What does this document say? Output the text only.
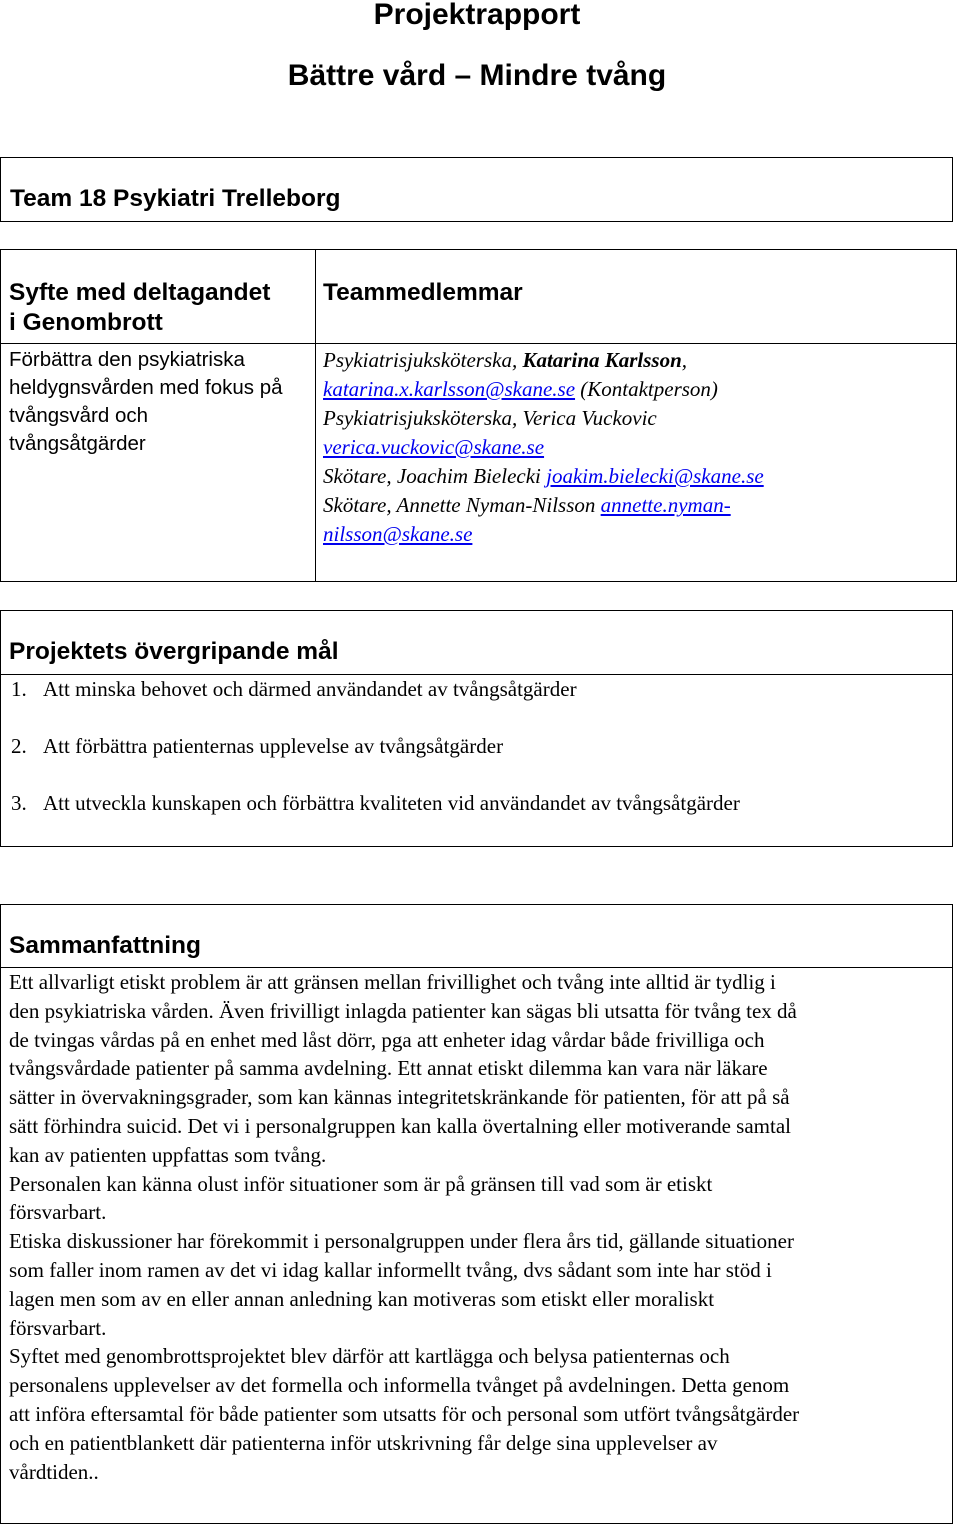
Projektrapport
Bättre vård – Mindre tvång
Team 18 Psykiatri Trelleborg
Syfte med deltagandet
i Genombrott
Förbättra den psykiatriska
heldygnsvården med fokus på
tvångsvård och
tvångsåtgärder
Teammedlemmar
Psykiatrisjuksköterska, Katarina Karlsson,
katarina.x.karlsson@skane.se (Kontaktperson)
Psykiatrisjuksköterska, Verica Vuckovic
verica.vuckovic@skane.se
Skötare, Joachim Bielecki joakim.bielecki@skane.se
Skötare, Annette Nyman-Nilsson annette.nyman-
nilsson@skane.se
Projektets övergripande mål
1. Att minska behovet och därmed användandet av tvångsåtgärder
2. Att förbättra patienternas upplevelse av tvångsåtgärder
3. Att utveckla kunskapen och förbättra kvaliteten vid användandet av tvångsåtgärder
Sammanfattning

Ett allvarligt etiskt problem är att gränsen mellan frivillighet och tvång inte alltid är tydlig i

den psykiatriska vården. Även frivilligt inlagda patienter kan sägas bli utsatta för tvång tex då

de tvingas vårdas på en enhet med låst dörr, pga att enheter idag vårdar både frivilliga och

tvångsvårdade patienter på samma avdelning. Ett annat etiskt dilemma kan vara när läkare

sätter in övervakningsgrader, som kan kännas integritetskränkande för patienten, för att på så

sätt förhindra suicid. Det vi i personalgruppen kan kalla övertalning eller motiverande samtal

kan av patienten uppfattas som tvång.

Personalen kan känna olust inför situationer som är på gränsen till vad som är etiskt

försvarbart.

Etiska diskussioner har förekommit i personalgruppen under flera års tid, gällande situationer

som faller inom ramen av det vi idag kallar informellt tvång, dvs sådant som inte har stöd i

lagen men som av en eller annan anledning kan motiveras som etiskt eller moraliskt

försvarbart.

Syftet med genombrottsprojektet blev därför att kartlägga och belysa patienternas och

personalens upplevelser av det formella och informella tvånget på avdelningen. Detta genom

att införa eftersamtal för både patienter som utsatts för och personal som utfört tvångsåtgärder

och en patientblankett där patienterna inför utskrivning får delge sina upplevelser av

vårdtiden..
